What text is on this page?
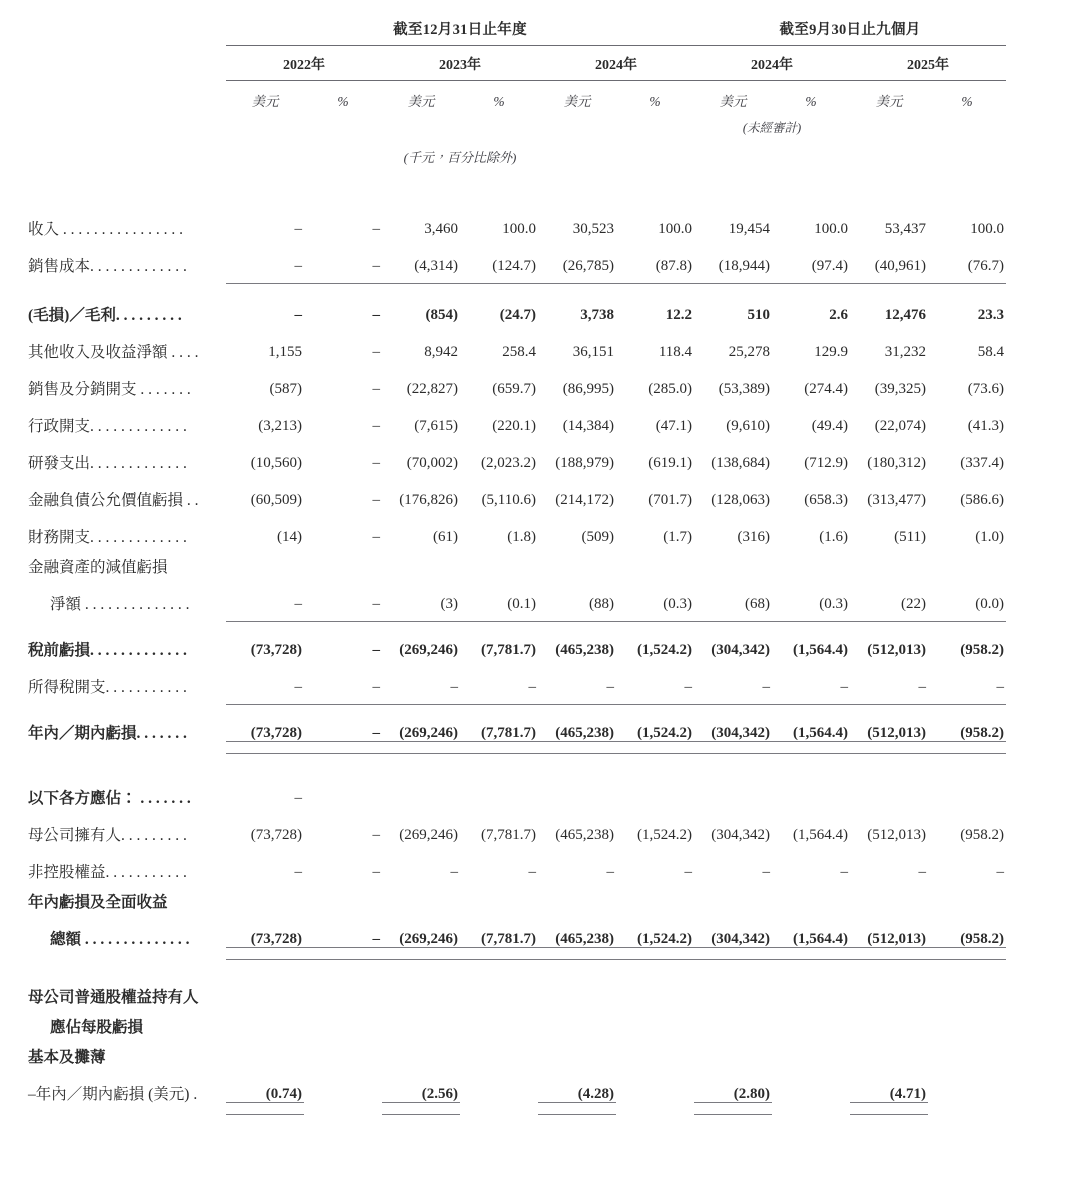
	截至12月31日止年度						截至9月30日止九個月			

	2022年		2023年		2024年		2024年		2025年	

	美元	%	美元	%	美元	%	美元	%	美元	%
							(未經審計)			
	(千元，百分比除外)									

收入 . . . . . . . . . . . . . . . .	–	–	3,460	100.0	30,523	100.0	19,454	100.0	53,437	100.0
銷售成本. . . . . . . . . . . . .	–	–	(4,314)	(124.7)	(26,785)	(87.8)	(18,944)	(97.4)	(40,961)	(76.7)

(毛損)／毛利. . . . . . . . .	–	–	(854)	(24.7)	3,738	12.2	510	2.6	12,476	23.3
其他收入及收益淨額 . . . .	1,155	–	8,942	258.4	36,151	118.4	25,278	129.9	31,232	58.4
銷售及分銷開支 . . . . . . .	(587)	–	(22,827)	(659.7)	(86,995)	(285.0)	(53,389)	(274.4)	(39,325)	(73.6)
行政開支. . . . . . . . . . . . .	(3,213)	–	(7,615)	(220.1)	(14,384)	(47.1)	(9,610)	(49.4)	(22,074)	(41.3)
研發支出. . . . . . . . . . . . .	(10,560)	–	(70,002)	(2,023.2)	(188,979)	(619.1)	(138,684)	(712.9)	(180,312)	(337.4)
金融負債公允價值虧損 . .	(60,509)	–	(176,826)	(5,110.6)	(214,172)	(701.7)	(128,063)	(658.3)	(313,477)	(586.6)
財務開支. . . . . . . . . . . . .	(14)	–	(61)	(1.8)	(509)	(1.7)	(316)	(1.6)	(511)	(1.0)
金融資產的減值虧損										
淨額 . . . . . . . . . . . . . .	–	–	(3)	(0.1)	(88)	(0.3)	(68)	(0.3)	(22)	(0.0)

稅前虧損. . . . . . . . . . . . .	(73,728)	–	(269,246)	(7,781.7)	(465,238)	(1,524.2)	(304,342)	(1,564.4)	(512,013)	(958.2)
所得稅開支. . . . . . . . . . .	–	–	–	–	–	–	–	–	–	–

年內／期內虧損. . . . . . .	(73,728)	–	(269,246)	(7,781.7)	(465,238)	(1,524.2)	(304,342)	(1,564.4)	(512,013)	(958.2)

以下各方應佔： . . . . . . .	–									
母公司擁有人. . . . . . . . .	(73,728)	–	(269,246)	(7,781.7)	(465,238)	(1,524.2)	(304,342)	(1,564.4)	(512,013)	(958.2)
非控股權益. . . . . . . . . . .	–	–	–	–	–	–	–	–	–	–
年內虧損及全面收益										
總額 . . . . . . . . . . . . . .	(73,728)	–	(269,246)	(7,781.7)	(465,238)	(1,524.2)	(304,342)	(1,564.4)	(512,013)	(958.2)

母公司普通股權益持有人										
應佔每股虧損										
基本及攤薄										
–年內／期內虧損 (美元) .	(0.74)		(2.56)		(4.28)		(2.80)		(4.71)	
